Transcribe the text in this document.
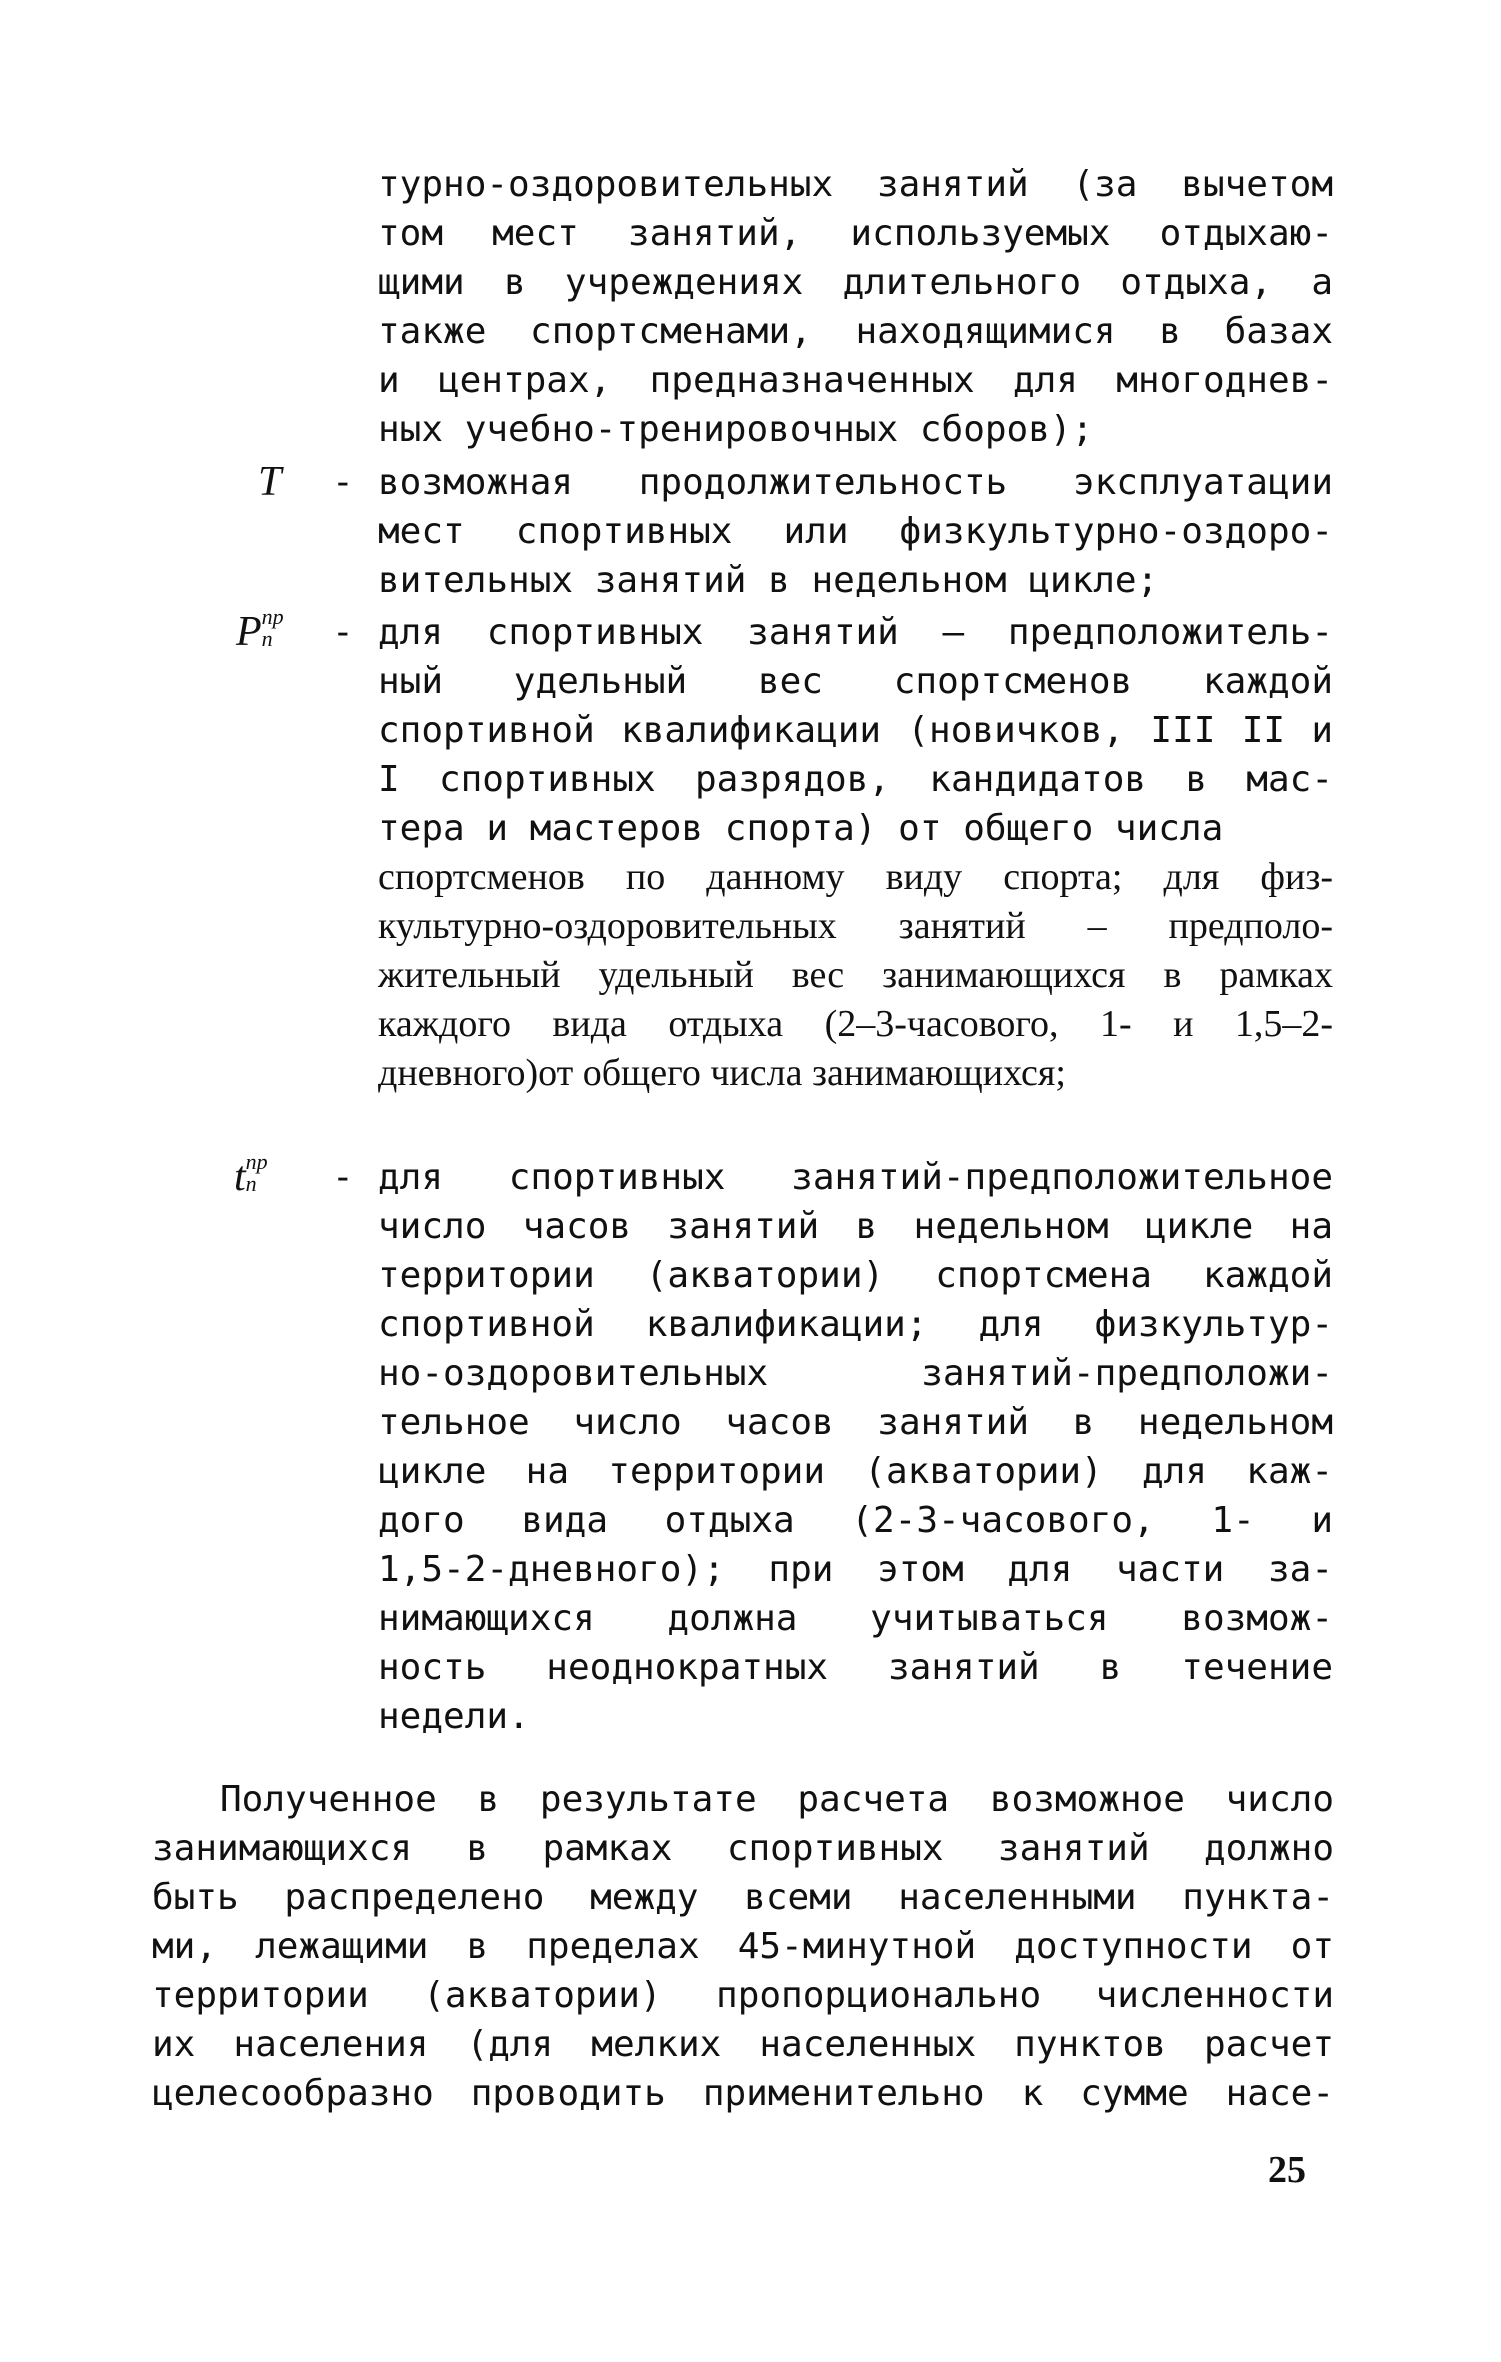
турно-оздоровительных занятий (за вычетом
том мест занятий, используемых отдыхаю-
щими в учреждениях длительного отдыха, а
также спортсменами, находящимися в базах
и центрах, предназначенных для многоднев-
ных учебно-тренировочных сборов);
T - возможная продолжительность эксплуатации
мест спортивных или физкультурно-оздоро-
вительных занятий в недельном цикле;
P пр
n - для спортивных занятий – предположитель-
ный удельный вес спортсменов каждой
спортивной квалификации (новичков, III II и
I спортивных разрядов, кандидатов в мас-
тера и мастеров спорта) от общего числа
спортсменов по данному виду спорта; для физ-
культурно-оздоровительных занятий – предполо-
жительный удельный вес занимающихся в рамках
каждого вида отдыха (2–3-часового, 1- и 1,5–2-
дневного)от общего числа занимающихся;
t пр
n - для спортивных занятий-предположительное
число часов занятий в недельном цикле на
территории (акватории) спортсмена каждой
спортивной квалификации; для физкультур-
но-оздоровительных занятий-предположи-
тельное число часов занятий в недельном
цикле на территории (акватории) для каж-
дого вида отдыха (2-3-часового, 1- и
1,5-2-дневного); при этом для части за-
нимающихся должна учитываться возмож-
ность неоднократных занятий в течение
недели.
Полученное в результате расчета возможное число
занимающихся в рамках спортивных занятий должно
быть распределено между всеми населенными пункта-
ми, лежащими в пределах 45-минутной доступности от
территории (акватории) пропорционально численности
их населения (для мелких населенных пунктов расчет
целесообразно проводить применительно к сумме насе-
25
